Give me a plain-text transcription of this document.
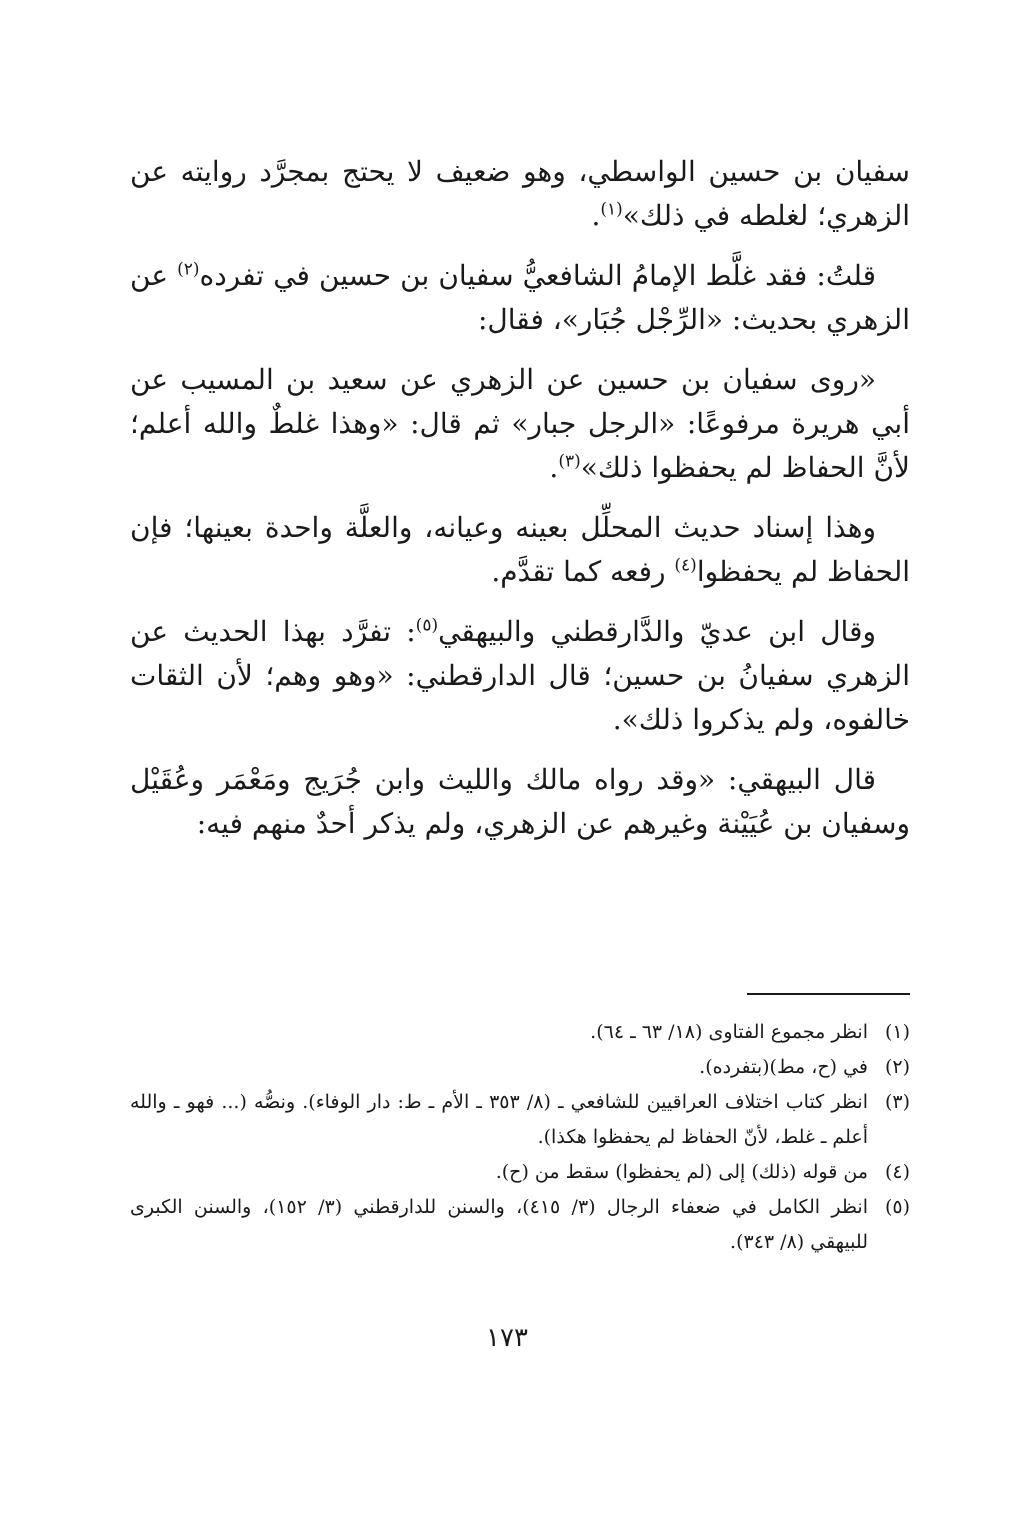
سفيان بن حسين الواسطي، وهو ضعيف لا يحتج بمجرَّد روايته عن الزهري؛ لغلطه في ذلك»$^{(١)}$.

قلتُ: فقد غلَّط الإمامُ الشافعيُّ سفيان بن حسين في تفرده$^{(٢)}$ عن الزهري بحديث: «الرِّجْل جُبَار»، فقال:

«روى سفيان بن حسين عن الزهري عن سعيد بن المسيب عن أبي هريرة مرفوعًا: «الرجل جبار» ثم قال: «وهذا غلطٌ والله أعلم؛ لأنَّ الحفاظ لم يحفظوا ذلك»$^{(٣)}$.

وهذا إسناد حديث المحلِّل بعينه وعيانه، والعلَّة واحدة بعينها؛ فإن الحفاظ لم يحفظوا$^{(٤)}$ رفعه كما تقدَّم.

وقال ابن عديّ والدَّارقطني والبيهقي$^{(٥)}$: تفرَّد بهذا الحديث عن الزهري سفيانُ بن حسين؛ قال الدارقطني: «وهو وهم؛ لأن الثقات خالفوه، ولم يذكروا ذلك».

قال البيهقي: «وقد رواه مالك والليث وابن جُرَيج ومَعْمَر وعُقَيْل وسفيان بن عُيَيْنة وغيرهم عن الزهري، ولم يذكر أحدٌ منهم فيه:

(١)
انظر مجموع الفتاوى (١٨/ ٦٣ ـ ٦٤).
(٢)
في (ح، مط)(بتفرده).
(٣)
انظر كتاب اختلاف العراقيين للشافعي ـ (٨/ ٣٥٣ ـ الأم ـ ط: دار الوفاء). ونصُّه (... فهو ـ والله أعلم ـ غلط، لأنّ الحفاظ لم يحفظوا هكذا).
(٤)
من قوله (ذلك) إلى (لم يحفظوا) سقط من (ح).
(٥)
انظر الكامل في ضعفاء الرجال (٣/ ٤١٥)، والسنن للدارقطني (٣/ ١٥٢)، والسنن الكبرى للبيهقي (٨/ ٣٤٣).
١٧٣
